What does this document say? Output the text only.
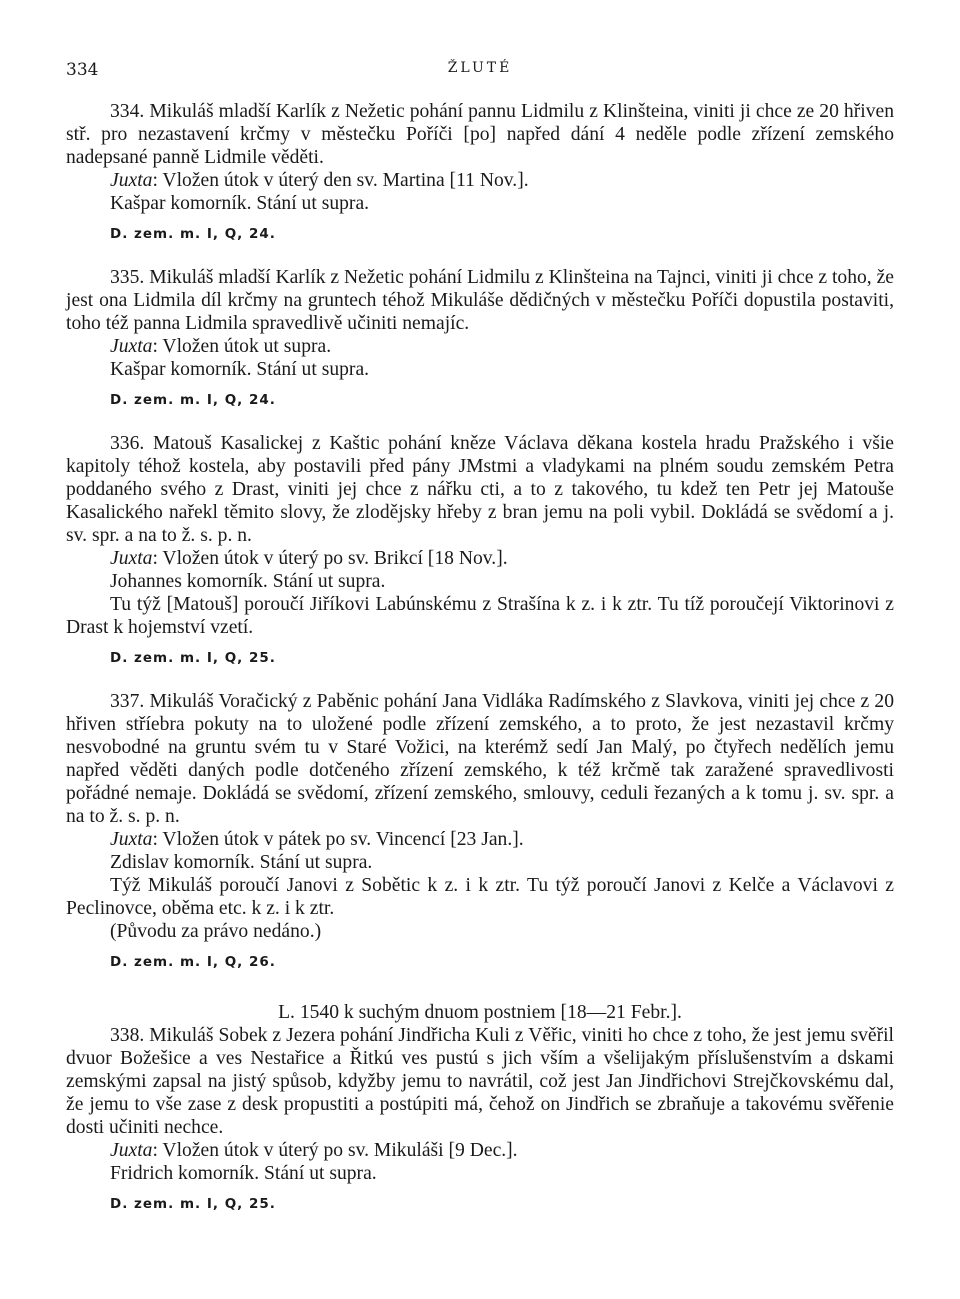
334	ŽLUTÉ

334. Mikuláš mladší Karlík z Nežetic pohání pannu Lidmilu z Klinšteina, viniti ji chce ze 20 hřiven stř. pro nezastavení krčmy v městečku Poříči [po] napřed dání 4 neděle podle zřízení zemského nadepsané panně Lidmile věděti.

Juxta: Vložen útok v úterý den sv. Martina [11 Nov.].

Kašpar komorník. Stání ut supra.

D. zem. m. I, Q, 24.

335. Mikuláš mladší Karlík z Nežetic pohání Lidmilu z Klinšteina na Tajnci, viniti ji chce z toho, že jest ona Lidmila díl krčmy na gruntech téhož Mikuláše dědičných v městečku Poříči dopustila postaviti, toho též panna Lidmila spravedlivě učiniti nemajíc.

Juxta: Vložen útok ut supra.

Kašpar komorník. Stání ut supra.

D. zem. m. I, Q, 24.

336. Matouš Kasalickej z Kaštic pohání kněze Václava děkana kostela hradu Pražského i všie kapitoly téhož kostela, aby postavili před pány JMstmi a vladykami na plném soudu zemském Petra poddaného svého z Drast, viniti jej chce z nářku cti, a to z takového, tu kdež ten Petr jej Matouše Kasalického nařekl těmito slovy, že zlodějsky hřeby z bran jemu na poli vybil. Dokládá se svědomí a j. sv. spr. a na to ž. s. p. n.

Juxta: Vložen útok v úterý po sv. Brikcí [18 Nov.].

Johannes komorník. Stání ut supra.

Tu týž [Matouš] poroučí Jiříkovi Labúnskému z Strašína k z. i k ztr. Tu tíž poroučejí Viktorinovi z Drast k hojemství vzetí.

D. zem. m. I, Q, 25.

337. Mikuláš Voračický z Paběnic pohání Jana Vidláka Radímského z Slavkova, viniti jej chce z 20 hřiven stříebra pokuty na to uložené podle zřízení zemského, a to proto, že jest nezastavil krčmy nesvobodné na gruntu svém tu v Staré Vožici, na kterémž sedí Jan Malý, po čtyřech nedělích jemu napřed věděti daných podle dotčeného zřízení zemského, k též krčmě tak zaražené spravedlivosti pořádné nemaje. Dokládá se svědomí, zřízení zemského, smlouvy, ceduli řezaných a k tomu j. sv. spr. a na to ž. s. p. n.

Juxta: Vložen útok v pátek po sv. Vincencí [23 Jan.].

Zdislav komorník. Stání ut supra.

Týž Mikuláš poroučí Janovi z Sobětic k z. i k ztr. Tu týž poroučí Janovi z Kelče a Václavovi z Peclinovce, oběma etc. k z. i k ztr.

(Původu za právo nedáno.)

D. zem. m. I, Q, 26.

L. 1540 k suchým dnuom postniem [18—21 Febr.].

338. Mikuláš Sobek z Jezera pohání Jindřicha Kuli z Věřic, viniti ho chce z toho, že jest jemu svěřil dvuor Božešice a ves Nestařice a Řitkú ves pustú s jich vším a všelijakým příslušenstvím a dskami zemskými zapsal na jistý spůsob, kdyžby jemu to navrátil, což jest Jan Jindřichovi Strejčkovskému dal, že jemu to vše zase z desk propustiti a postúpiti má, čehož on Jindřich se zbraňuje a takovému svěřenie dosti učiniti nechce.

Juxta: Vložen útok v úterý po sv. Mikuláši [9 Dec.].

Fridrich komorník. Stání ut supra.

D. zem. m. I, Q, 25.
